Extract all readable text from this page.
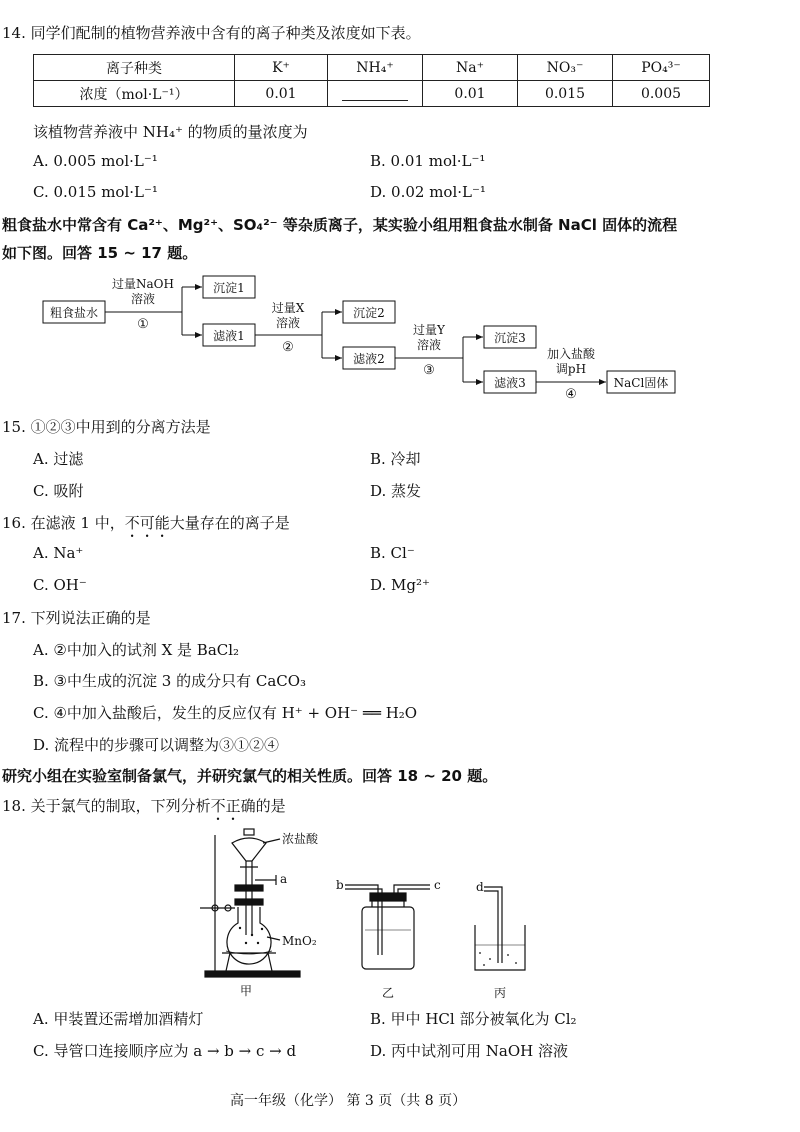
14. 同学们配制的植物营养液中含有的离子种类及浓度如下表。
离子种类	K⁺	NH₄⁺	Na⁺	NO₃⁻	PO₄³⁻
浓度（mol·L⁻¹）	0.01		0.01	0.015	0.005
该植物营养液中 NH₄⁺ 的物质的量浓度为
A. 0.005 mol·L⁻¹	B. 0.01 mol·L⁻¹
C. 0.015 mol·L⁻¹	D. 0.02 mol·L⁻¹
粗食盐水中常含有 Ca²⁺、Mg²⁺、SO₄²⁻ 等杂质离子，某实验小组用粗食盐水制备 NaCl 固体的流程
如下图。回答 15 ~ 17 题。
粗食盐水
沉淀1
滤液1
沉淀2
滤液2
沉淀3
滤液3	NaCl固体
过量NaOH
溶液
①
过量X
溶液
②
过量Y
溶液
③
加入盐酸
调pH
④
15. ①②③中用到的分离方法是
A. 过滤	B. 冷却
C. 吸附	D. 蒸发
16. 在滤液 1 中，不可能大量存在的离子是
A. Na⁺	B. Cl⁻
C. OH⁻	D. Mg²⁺
17. 下列说法正确的是
A. ②中加入的试剂 X 是 BaCl₂
B. ③中生成的沉淀 3 的成分只有 CaCO₃
C. ④中加入盐酸后，发生的反应仅有 H⁺ + OH⁻ ══ H₂O
D. 流程中的步骤可以调整为③①②④
研究小组在实验室制备氯气，并研究氯气的相关性质。回答 18 ~ 20 题。
18. 关于氯气的制取，下列分析不正确的是
浓盐酸
a
MnO₂
b	c	d
甲	乙	丙
A. 甲装置还需增加酒精灯	B. 甲中 HCl 部分被氧化为 Cl₂
C. 导管口连接顺序应为 a → b → c → d	D. 丙中试剂可用 NaOH 溶液
高一年级（化学） 第 3 页（共 8 页）
